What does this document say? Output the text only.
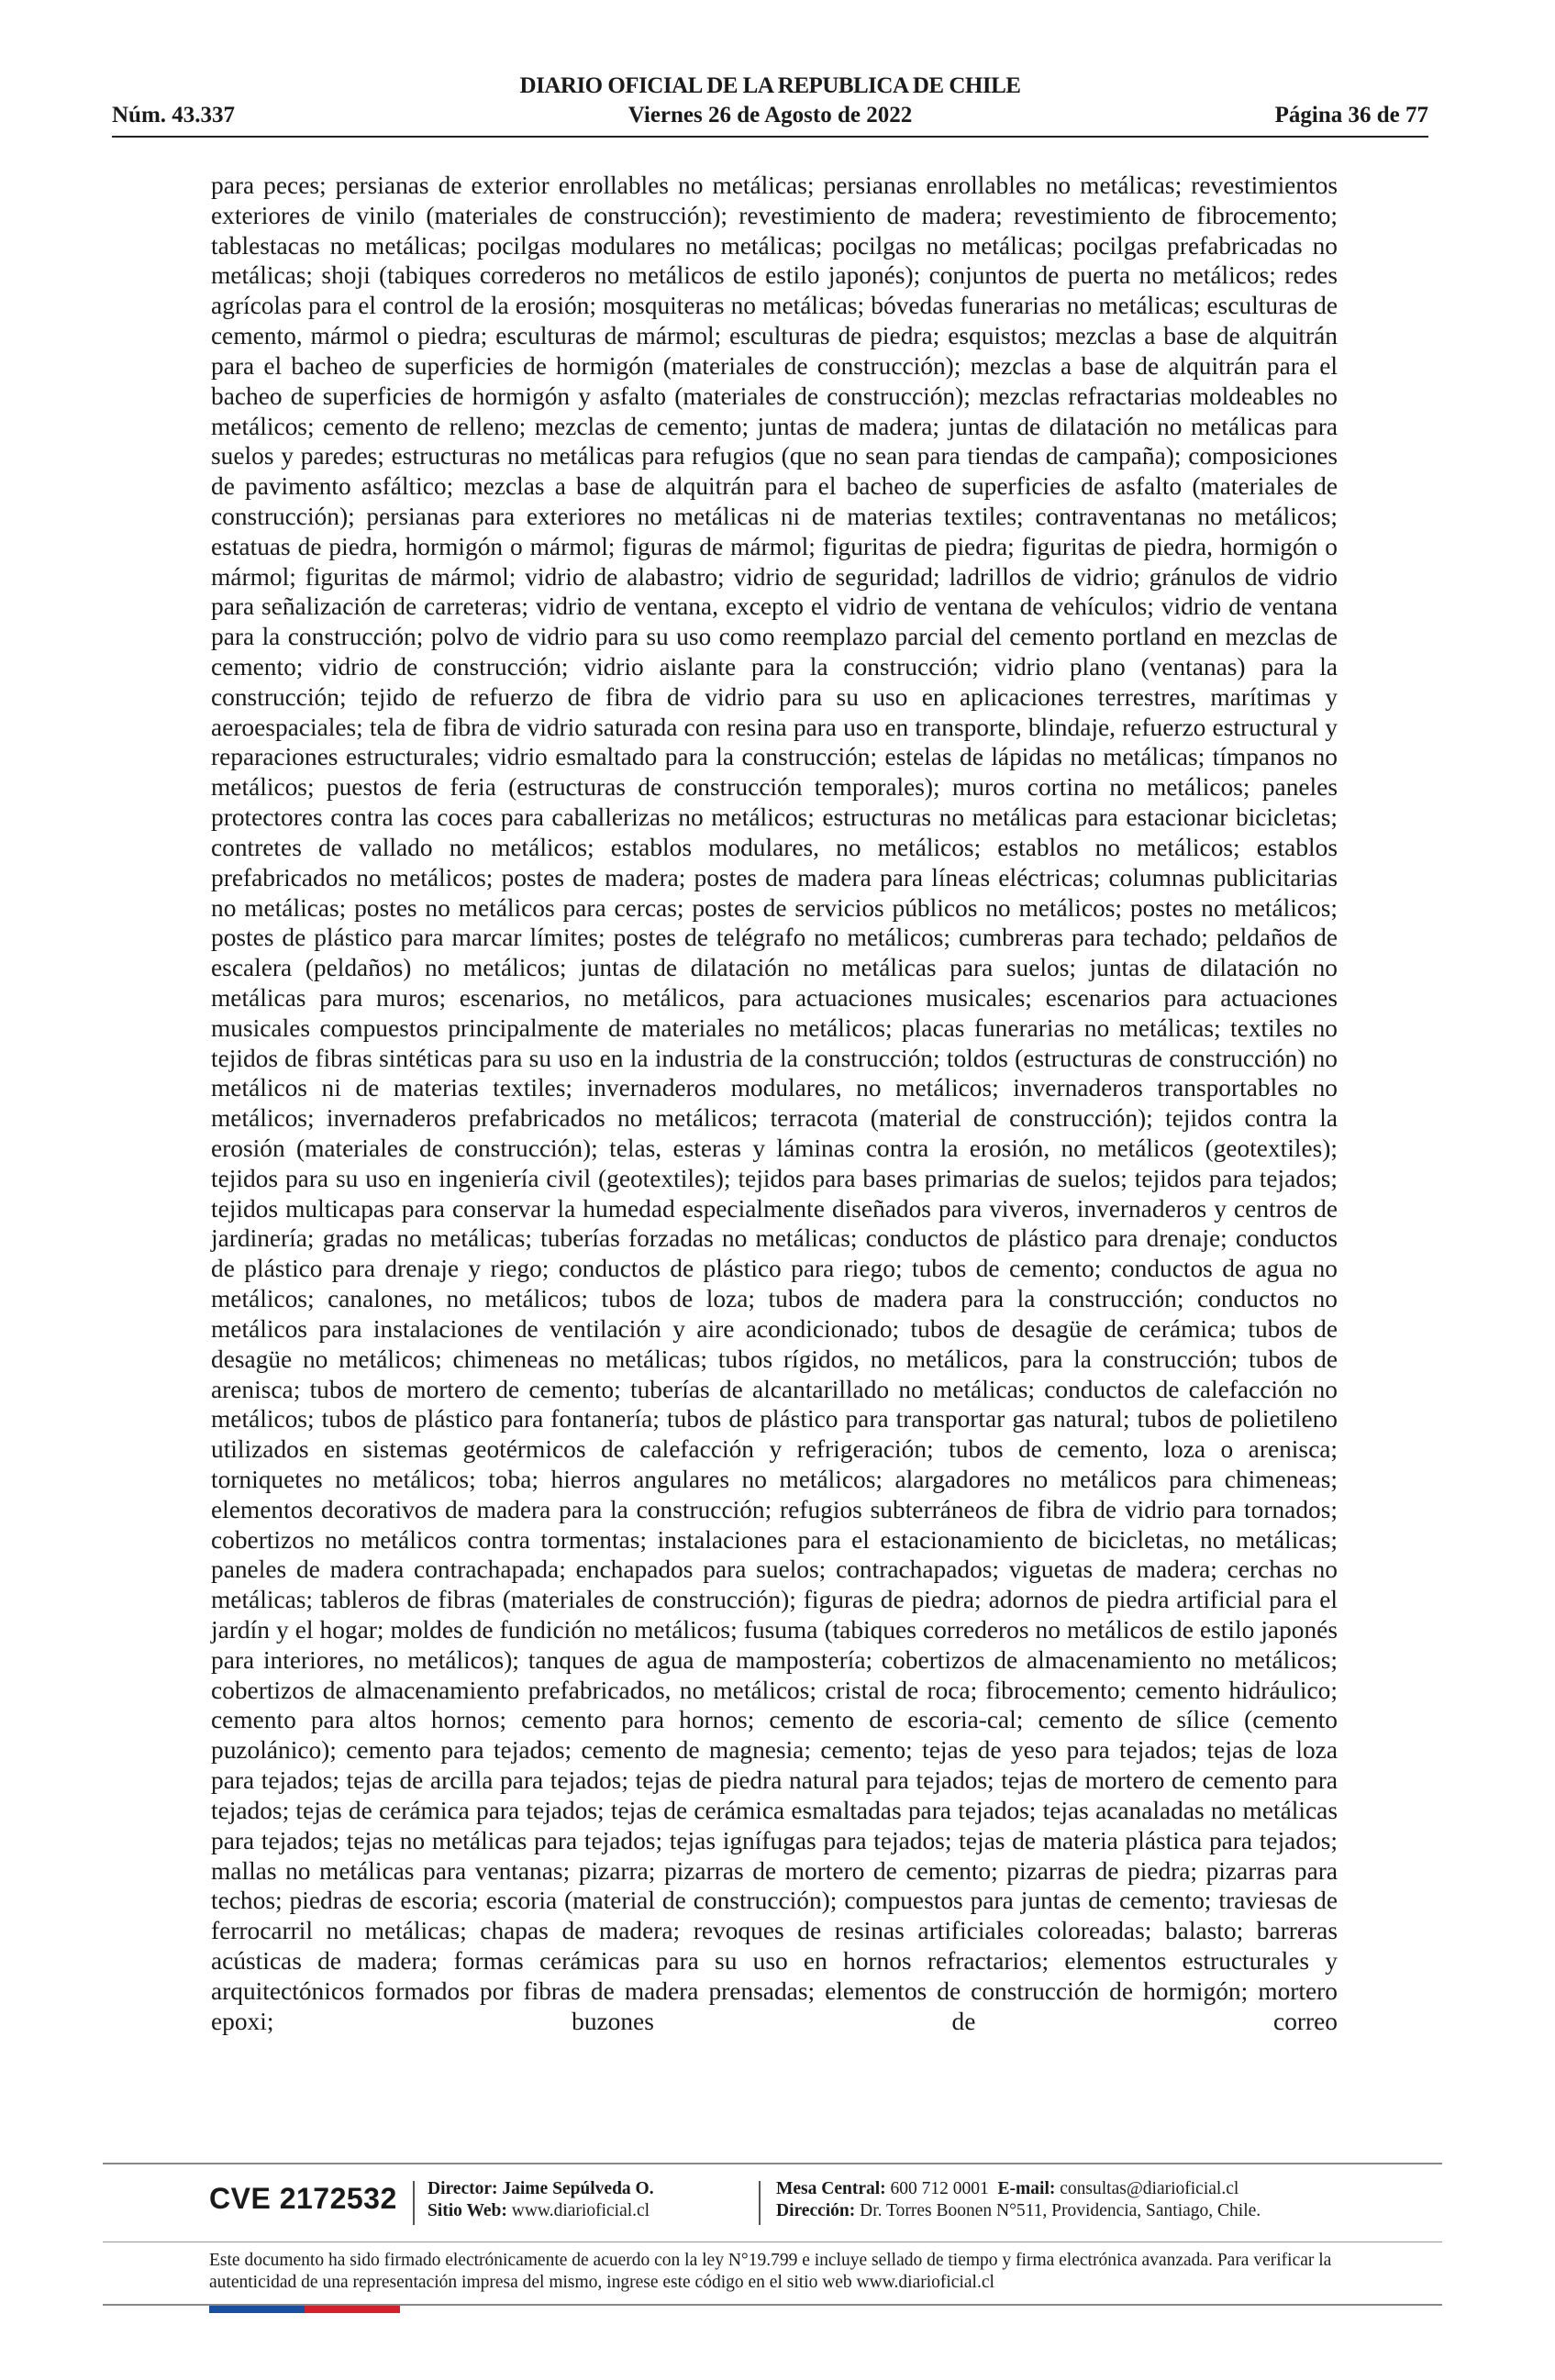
DIARIO OFICIAL DE LA REPUBLICA DE CHILE
Núm. 43.337	Viernes 26 de Agosto de 2022	Página 36 de 77

para peces; persianas de exterior enrollables no metálicas; persianas enrollables no metálicas; revestimientos exteriores de vinilo (materiales de construcción); revestimiento de madera; revestimiento de fibrocemento; tablestacas no metálicas; pocilgas modulares no metálicas; pocilgas no metálicas; pocilgas prefabricadas no metálicas; shoji (tabiques correderos no metálicos de estilo japonés); conjuntos de puerta no metálicos; redes agrícolas para el control de la erosión; mosquiteras no metálicas; bóvedas funerarias no metálicas; esculturas de cemento, mármol o piedra; esculturas de mármol; esculturas de piedra; esquistos; mezclas a base de alquitrán para el bacheo de superficies de hormigón (materiales de construcción); mezclas a base de alquitrán para el bacheo de superficies de hormigón y asfalto (materiales de construcción); mezclas refractarias moldeables no metálicos; cemento de relleno; mezclas de cemento; juntas de madera; juntas de dilatación no metálicas para suelos y paredes; estructuras no metálicas para refugios (que no sean para tiendas de campaña); composiciones de pavimento asfáltico; mezclas a base de alquitrán para el bacheo de superficies de asfalto (materiales de construcción); persianas para exteriores no metálicas ni de materias textiles; contraventanas no metálicos; estatuas de piedra, hormigón o mármol; figuras de mármol; figuritas de piedra; figuritas de piedra, hormigón o mármol; figuritas de mármol; vidrio de alabastro; vidrio de seguridad; ladrillos de vidrio; gránulos de vidrio para señalización de carreteras; vidrio de ventana, excepto el vidrio de ventana de vehículos; vidrio de ventana para la construcción; polvo de vidrio para su uso como reemplazo parcial del cemento portland en mezclas de cemento; vidrio de construcción; vidrio aislante para la construcción; vidrio plano (ventanas) para la construcción; tejido de refuerzo de fibra de vidrio para su uso en aplicaciones terrestres, marítimas y aeroespaciales; tela de fibra de vidrio saturada con resina para uso en transporte, blindaje, refuerzo estructural y reparaciones estructurales; vidrio esmaltado para la construcción; estelas de lápidas no metálicas; tímpanos no metálicos; puestos de feria (estructuras de construcción temporales); muros cortina no metálicos; paneles protectores contra las coces para caballerizas no metálicos; estructuras no metálicas para estacionar bicicletas; contretes de vallado no metálicos; establos modulares, no metálicos; establos no metálicos; establos prefabricados no metálicos; postes de madera; postes de madera para líneas eléctricas; columnas publicitarias no metálicas; postes no metálicos para cercas; postes de servicios públicos no metálicos; postes no metálicos; postes de plástico para marcar límites; postes de telégrafo no metálicos; cumbreras para techado; peldaños de escalera (peldaños) no metálicos; juntas de dilatación no metálicas para suelos; juntas de dilatación no metálicas para muros; escenarios, no metálicos, para actuaciones musicales; escenarios para actuaciones musicales compuestos principalmente de materiales no metálicos; placas funerarias no metálicas; textiles no tejidos de fibras sintéticas para su uso en la industria de la construcción; toldos (estructuras de construcción) no metálicos ni de materias textiles; invernaderos modulares, no metálicos; invernaderos transportables no metálicos; invernaderos prefabricados no metálicos; terracota (material de construcción); tejidos contra la erosión (materiales de construcción); telas, esteras y láminas contra la erosión, no metálicos (geotextiles); tejidos para su uso en ingeniería civil (geotextiles); tejidos para bases primarias de suelos; tejidos para tejados; tejidos multicapas para conservar la humedad especialmente diseñados para viveros, invernaderos y centros de jardinería; gradas no metálicas; tuberías forzadas no metálicas; conductos de plástico para drenaje; conductos de plástico para drenaje y riego; conductos de plástico para riego; tubos de cemento; conductos de agua no metálicos; canalones, no metálicos; tubos de loza; tubos de madera para la construcción; conductos no metálicos para instalaciones de ventilación y aire acondicionado; tubos de desagüe de cerámica; tubos de desagüe no metálicos; chimeneas no metálicas; tubos rígidos, no metálicos, para la construcción; tubos de arenisca; tubos de mortero de cemento; tuberías de alcantarillado no metálicas; conductos de calefacción no metálicos; tubos de plástico para fontanería; tubos de plástico para transportar gas natural; tubos de polietileno utilizados en sistemas geotérmicos de calefacción y refrigeración; tubos de cemento, loza o arenisca; torniquetes no metálicos; toba; hierros angulares no metálicos; alargadores no metálicos para chimeneas; elementos decorativos de madera para la construcción; refugios subterráneos de fibra de vidrio para tornados; cobertizos no metálicos contra tormentas; instalaciones para el estacionamiento de bicicletas, no metálicas; paneles de madera contrachapada; enchapados para suelos; contrachapados; viguetas de madera; cerchas no metálicas; tableros de fibras (materiales de construcción); figuras de piedra; adornos de piedra artificial para el jardín y el hogar; moldes de fundición no metálicos; fusuma (tabiques correderos no metálicos de estilo japonés para interiores, no metálicos); tanques de agua de mampostería; cobertizos de almacenamiento no metálicos; cobertizos de almacenamiento prefabricados, no metálicos; cristal de roca; fibrocemento; cemento hidráulico; cemento para altos hornos; cemento para hornos; cemento de escoria-cal; cemento de sílice (cemento puzolánico); cemento para tejados; cemento de magnesia; cemento; tejas de yeso para tejados; tejas de loza para tejados; tejas de arcilla para tejados; tejas de piedra natural para tejados; tejas de mortero de cemento para tejados; tejas de cerámica para tejados; tejas de cerámica esmaltadas para tejados; tejas acanaladas no metálicas para tejados; tejas no metálicas para tejados; tejas ignífugas para tejados; tejas de materia plástica para tejados; mallas no metálicas para ventanas; pizarra; pizarras de mortero de cemento; pizarras de piedra; pizarras para techos; piedras de escoria; escoria (material de construcción); compuestos para juntas de cemento; traviesas de ferrocarril no metálicas; chapas de madera; revoques de resinas artificiales coloreadas; balasto; barreras acústicas de madera; formas cerámicas para su uso en hornos refractarios; elementos estructurales y arquitectónicos formados por fibras de madera prensadas; elementos de construcción de hormigón; mortero epoxi; buzones de correo

CVE 2172532 Director: Jaime Sepúlveda O.
Sitio Web: www.diarioficial.cl
Mesa Central: 600 712 0001 E-mail: consultas@diarioficial.cl
Dirección: Dr. Torres Boonen N°511, Providencia, Santiago, Chile.
Este documento ha sido firmado electrónicamente de acuerdo con la ley N°19.799 e incluye sellado de tiempo y firma electrónica avanzada. Para verificar la autenticidad de una representación impresa del mismo, ingrese este código en el sitio web www.diarioficial.cl
